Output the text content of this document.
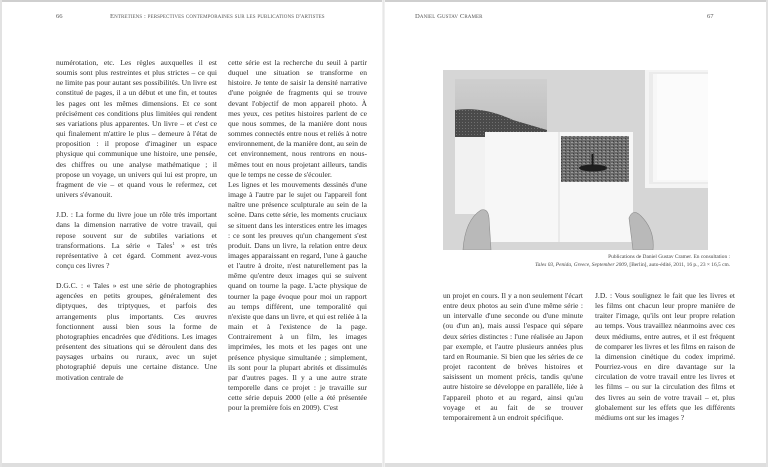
66	Entretiens : perspectives contemporaines sur les publications d'artistes

numérotation, etc. Les règles auxquelles il est soumis sont plus restreintes et plus strictes – ce qui ne limite pas pour autant ses possibilités. Un livre est constitué de pages, il a un début et une fin, et toutes les pages ont les mêmes dimensions. Et ce sont précisément ces conditions plus limitées qui rendent ses variations plus apparentes. Un livre – et c'est ce qui finalement m'attire le plus – demeure à l'état de proposition : il propose d'imaginer un espace physique qui communique une histoire, une pensée, des chiffres ou une analyse mathématique ; il propose un voyage, un univers qui lui est propre, un fragment de vie – et quand vous le refermez, cet univers s'évanouit.

J.D. : La forme du livre joue un rôle très important dans la dimension narrative de votre travail, qui repose souvent sur de subtiles variations et transformations. La série « Tales$^1$ » est très représentative à cet égard. Comment avez-vous conçu ces livres ?

D.G.C. : « Tales » est une série de photographies agencées en petits groupes, généralement des diptyques, des triptyques, et parfois des arrangements plus importants. Ces œuvres fonctionnent aussi bien sous la forme de photographies encadrées que d'éditions. Les images présentent des situations qui se déroulent dans des paysages urbains ou ruraux, avec un sujet photographié depuis une certaine distance. Une motivation centrale de

cette série est la recherche du seuil à partir duquel une situation se transforme en histoire. Je tente de saisir la densité narrative d'une poignée de fragments qui se trouve devant l'objectif de mon appareil photo. À mes yeux, ces petites histoires parlent de ce que nous sommes, de la manière dont nous sommes connectés entre nous et reliés à notre environnement, de la manière dont, au sein de cet environnement, nous rentrons en nous-mêmes tout en nous projetant ailleurs, tandis que le temps ne cesse de s'écouler.

Les lignes et les mouvements dessinés d'une image à l'autre par le sujet ou l'appareil font naître une présence sculpturale au sein de la scène. Dans cette série, les moments cruciaux se situent dans les interstices entre les images : ce sont les preuves qu'un changement s'est produit. Dans un livre, la relation entre deux images apparaissant en regard, l'une à gauche et l'autre à droite, n'est naturellement pas la même qu'entre deux images qui se suivent quand on tourne la page. L'acte physique de tourner la page évoque pour moi un rapport au temps différent, une temporalité qui n'existe que dans un livre, et qui est reliée à la main et à l'existence de la page. Contrairement à un film, les images imprimées, les mots et les pages ont une présence physique simultanée ; simplement, ils sont pour la plupart abrités et dissimulés par d'autres pages. Il y a une autre strate temporelle dans ce projet : je travaille sur cette série depuis 2000 (elle a été présentée pour la première fois en 2009). C'est

Daniel Gustav Cramer	67
Publications de Daniel Gustav Cramer. En consultation :
Tales 03, Penida, Greece, September 2009, [Berlin], auto-édité, 2011, 16 p., 23 × 16,5 cm.

un projet en cours. Il y a non seulement l'écart entre deux photos au sein d'une même série : un intervalle d'une seconde ou d'une minute (ou d'un an), mais aussi l'espace qui sépare deux séries distinctes : l'une réalisée au Japon par exemple, et l'autre plusieurs années plus tard en Roumanie. Si bien que les séries de ce projet racontent de brèves histoires et saisissent un moment précis, tandis qu'une autre histoire se développe en parallèle, liée à l'appareil photo et au regard, ainsi qu'au voyage et au fait de se trouver temporairement à un endroit spécifique.

J.D. : Vous soulignez le fait que les livres et les films ont chacun leur propre manière de traiter l'image, qu'ils ont leur propre relation au temps. Vous travaillez néanmoins avec ces deux médiums, entre autres, et il est fréquent de comparer les livres et les films en raison de la dimension cinétique du codex imprimé. Pourriez-vous en dire davantage sur la circulation de votre travail entre les livres et les films – ou sur la circulation des films et des livres au sein de votre travail – et, plus globalement sur les effets que les différents médiums ont sur les images ?
